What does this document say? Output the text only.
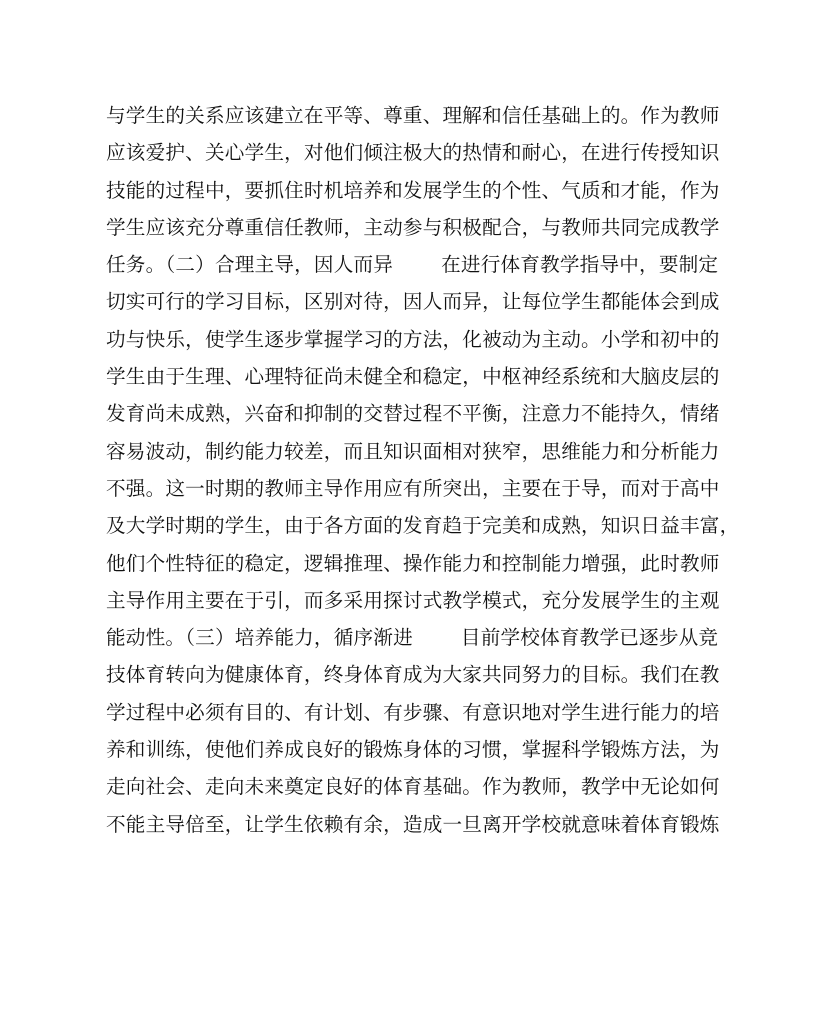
与学生的关系应该建立在平等、尊重、理解和信任基础上的。作为教师
应该爱护、关心学生，对他们倾注极大的热情和耐心，在进行传授知识
技能的过程中，要抓住时机培养和发展学生的个性、气质和才能，作为
学生应该充分尊重信任教师，主动参与积极配合，与教师共同完成教学
任务。（二）合理主导，因人而异 在进行体育教学指导中，要制定
切实可行的学习目标，区别对待，因人而异，让每位学生都能体会到成
功与快乐，使学生逐步掌握学习的方法，化被动为主动。小学和初中的
学生由于生理、心理特征尚未健全和稳定，中枢神经系统和大脑皮层的
发育尚未成熟，兴奋和抑制的交替过程不平衡，注意力不能持久，情绪
容易波动，制约能力较差，而且知识面相对狭窄，思维能力和分析能力
不强。这一时期的教师主导作用应有所突出，主要在于导，而对于高中
及大学时期的学生，由于各方面的发育趋于完美和成熟，知识日益丰富，
他们个性特征的稳定，逻辑推理、操作能力和控制能力增强，此时教师
主导作用主要在于引，而多采用探讨式教学模式，充分发展学生的主观
能动性。（三）培养能力，循序渐进 目前学校体育教学已逐步从竞
技体育转向为健康体育，终身体育成为大家共同努力的目标。我们在教
学过程中必须有目的、有计划、有步骤、有意识地对学生进行能力的培
养和训练，使他们养成良好的锻炼身体的习惯，掌握科学锻炼方法，为
走向社会、走向未来奠定良好的体育基础。作为教师，教学中无论如何
不能主导倍至，让学生依赖有余，造成一旦离开学校就意味着体育锻炼
